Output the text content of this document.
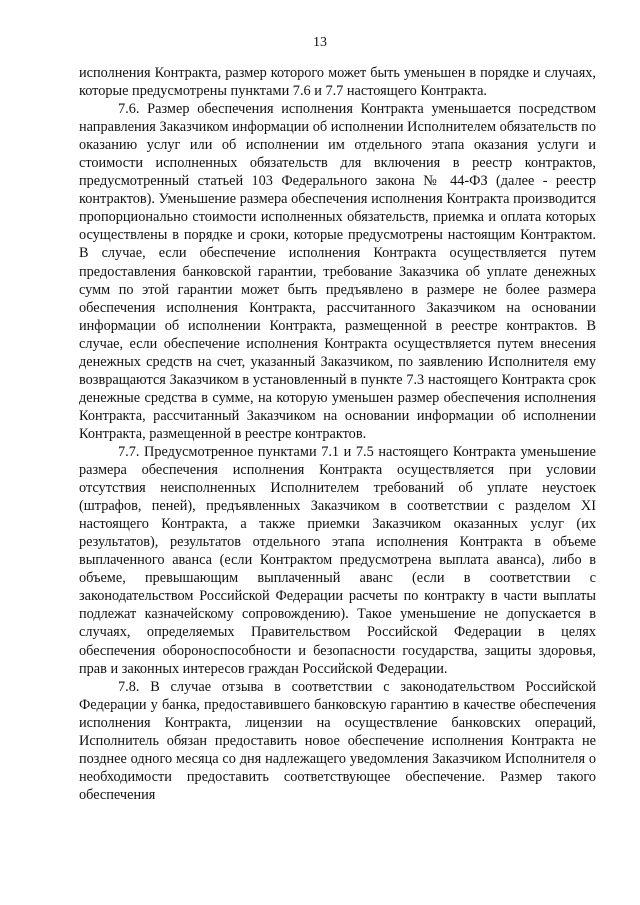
13

исполнения Контракта, размер которого может быть уменьшен в порядке и случаях, которые предусмотрены пунктами 7.6 и 7.7 настоящего Контракта.

7.6. Размер обеспечения исполнения Контракта уменьшается посредством направления Заказчиком информации об исполнении Исполнителем обязательств по оказанию услуг или об исполнении им отдельного этапа оказания услуги и стоимости исполненных обязательств для включения в реестр контрактов, предусмотренный статьей 103 Федерального закона № 44-ФЗ (далее - реестр контрактов). Уменьшение размера обеспечения исполнения Контракта производится пропорционально стоимости исполненных обязательств, приемка и оплата которых осуществлены в порядке и сроки, которые предусмотрены настоящим Контрактом. В случае, если обеспечение исполнения Контракта осуществляется путем предоставления банковской гарантии, требование Заказчика об уплате денежных сумм по этой гарантии может быть предъявлено в размере не более размера обеспечения исполнения Контракта, рассчитанного Заказчиком на основании информации об исполнении Контракта, размещенной в реестре контрактов. В случае, если обеспечение исполнения Контракта осуществляется путем внесения денежных средств на счет, указанный Заказчиком, по заявлению Исполнителя ему возвращаются Заказчиком в установленный в пункте 7.3 настоящего Контракта срок денежные средства в сумме, на которую уменьшен размер обеспечения исполнения Контракта, рассчитанный Заказчиком на основании информации об исполнении Контракта, размещенной в реестре контрактов.

7.7. Предусмотренное пунктами 7.1 и 7.5 настоящего Контракта уменьшение размера обеспечения исполнения Контракта осуществляется при условии отсутствия неисполненных Исполнителем требований об уплате неустоек (штрафов, пеней), предъявленных Заказчиком в соответствии с разделом XI настоящего Контракта, а также приемки Заказчиком оказанных услуг (их результатов), результатов отдельного этапа исполнения Контракта в объеме выплаченного аванса (если Контрактом предусмотрена выплата аванса), либо в объеме, превышающим выплаченный аванс (если в соответствии с законодательством Российской Федерации расчеты по контракту в части выплаты подлежат казначейскому сопровождению). Такое уменьшение не допускается в случаях, определяемых Правительством Российской Федерации в целях обеспечения обороноспособности и безопасности государства, защиты здоровья, прав и законных интересов граждан Российской Федерации.

7.8. В случае отзыва в соответствии с законодательством Российской Федерации у банка, предоставившего банковскую гарантию в качестве обеспечения исполнения Контракта, лицензии на осуществление банковских операций, Исполнитель обязан предоставить новое обеспечение исполнения Контракта не позднее одного месяца со дня надлежащего уведомления Заказчиком Исполнителя о необходимости предоставить соответствующее обеспечение. Размер такого обеспечения
